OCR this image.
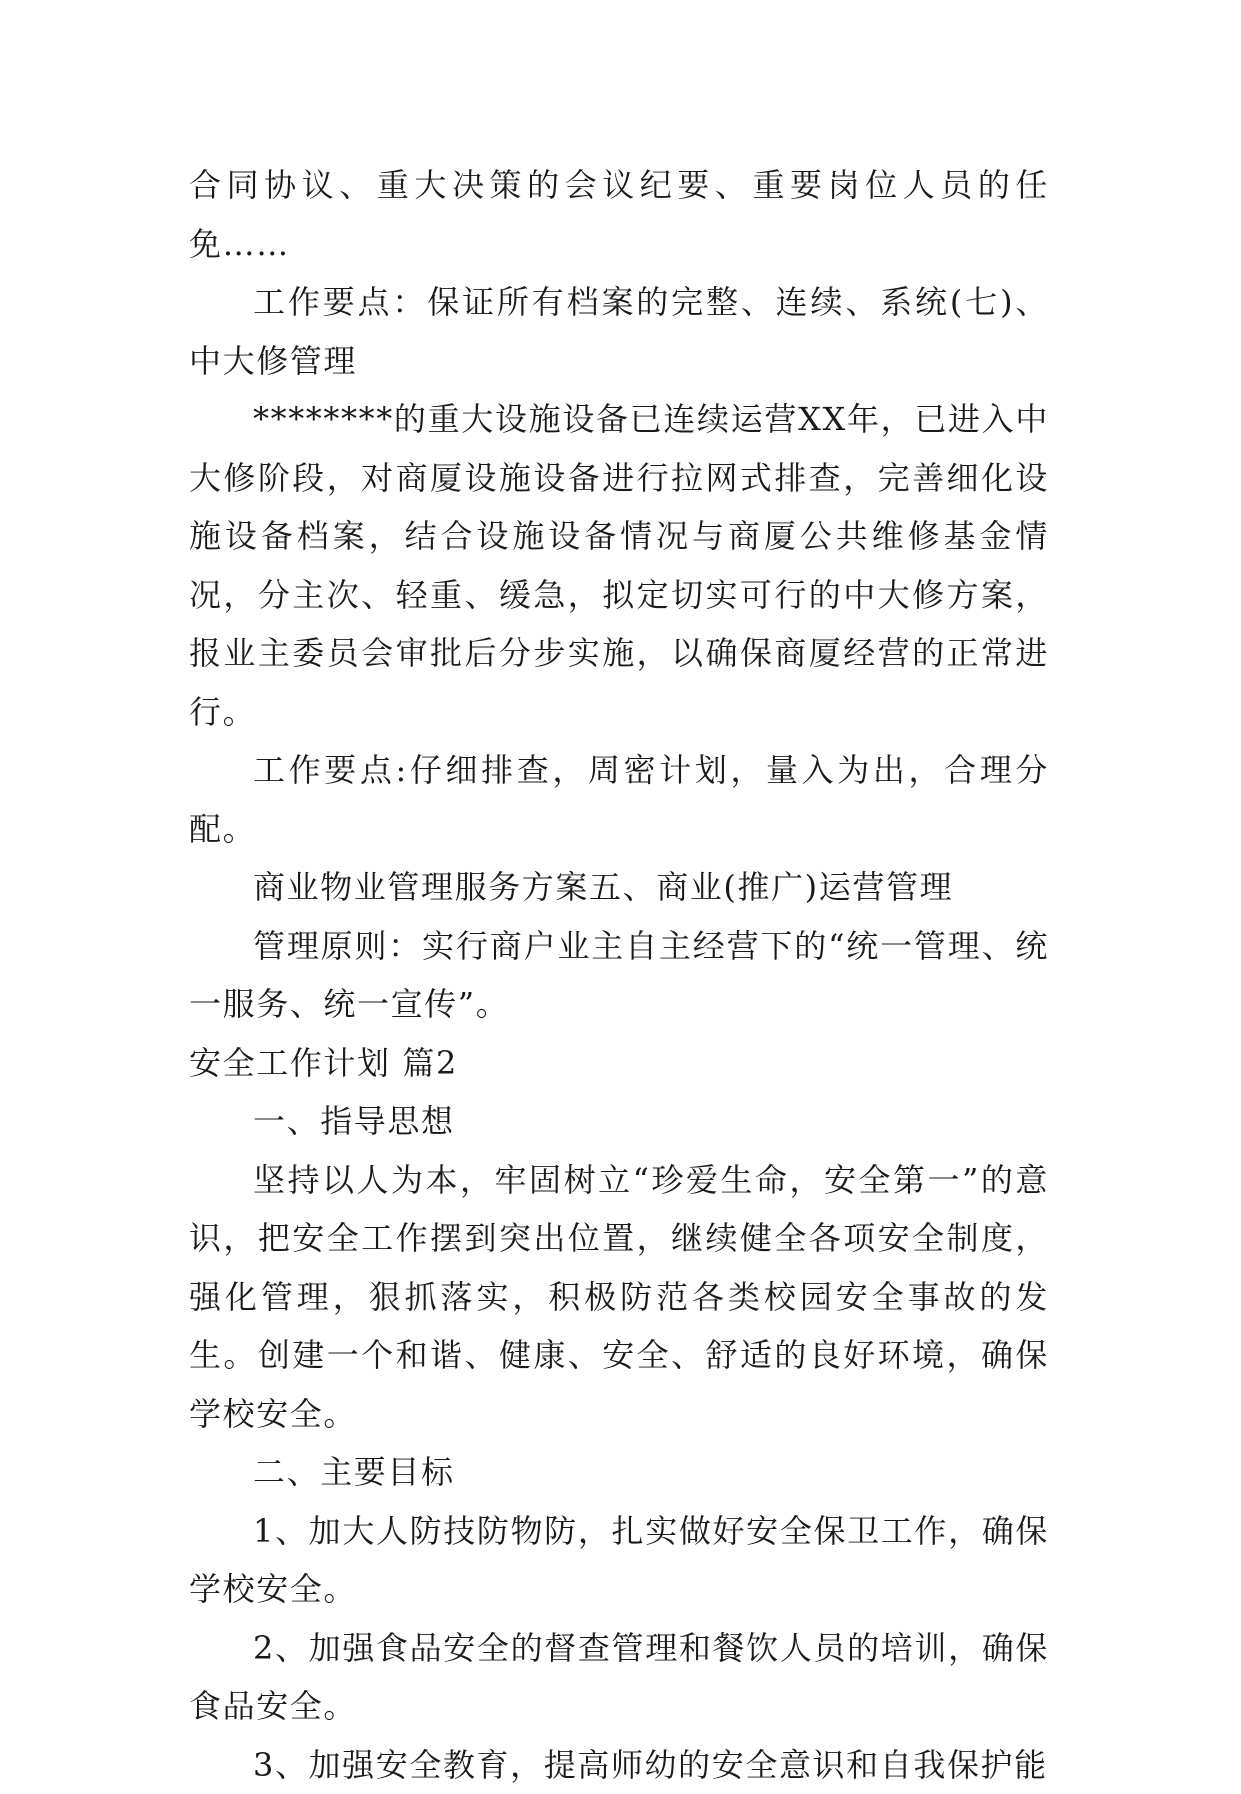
合同协议、重大决策的会议纪要、重要岗位人员的任免……

工作要点：保证所有档案的完整、连续、系统(七)、中大修管理

********的重大设施设备已连续运营XX年，已进入中大修阶段，对商厦设施设备进行拉网式排查，完善细化设施设备档案，结合设施设备情况与商厦公共维修基金情况，分主次、轻重、缓急，拟定切实可行的中大修方案，报业主委员会审批后分步实施，以确保商厦经营的正常进行。

工作要点:仔细排查，周密计划，量入为出，合理分配。

商业物业管理服务方案五、商业(推广)运营管理

管理原则：实行商户业主自主经营下的“统一管理、统一服务、统一宣传”。

安全工作计划 篇2

一、指导思想

坚持以人为本，牢固树立“珍爱生命，安全第一”的意识，把安全工作摆到突出位置，继续健全各项安全制度，强化管理，狠抓落实，积极防范各类校园安全事故的发生。创建一个和谐、健康、安全、舒适的良好环境，确保学校安全。

二、主要目标

1、加大人防技防物防，扎实做好安全保卫工作，确保学校安全。

2、加强食品安全的督查管理和餐饮人员的培训，确保食品安全。

3、加强安全教育，提高师幼的安全意识和自我保护能
